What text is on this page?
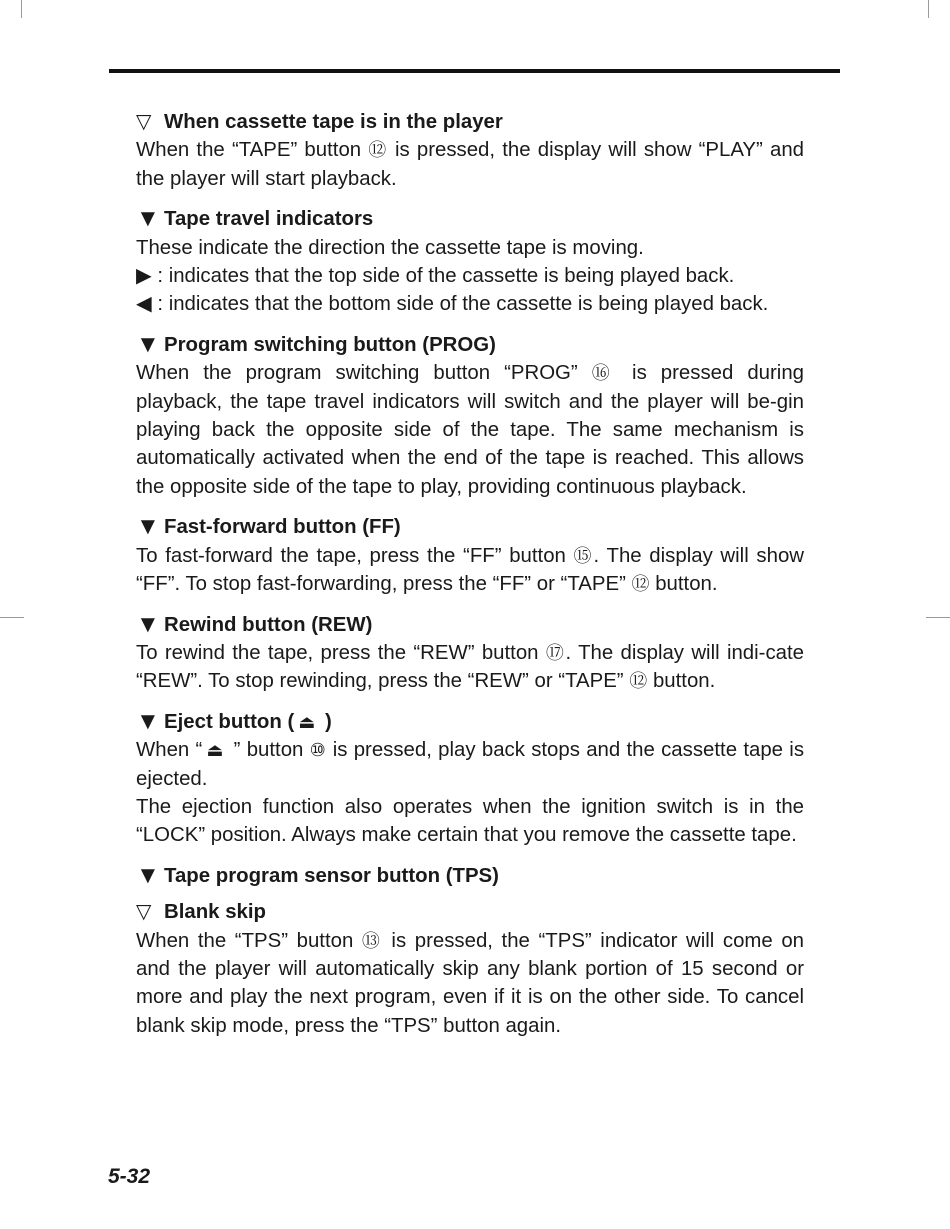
▽ When cassette tape is in the player

When the “TAPE” button ⑫ is pressed, the display will show “PLAY” and the player will start playback.

▼ Tape travel indicators

These indicate the direction the cassette tape is moving.

▶ : indicates that the top side of the cassette is being played back.

◀ : indicates that the bottom side of the cassette is being played back.

▼ Program switching button (PROG)

When the program switching button “PROG” ⑯ is pressed during playback, the tape travel indicators will switch and the player will be-gin playing back the opposite side of the tape. The same mechanism is automatically activated when the end of the tape is reached. This allows the opposite side of the tape to play, providing continuous playback.

▼ Fast-forward button (FF)

To fast-forward the tape, press the “FF” button ⑮. The display will show “FF”. To stop fast-forwarding, press the “FF” or “TAPE” ⑫ button.

▼ Rewind button (REW)

To rewind the tape, press the “REW” button ⑰. The display will indi-cate “REW”. To stop rewinding, press the “REW” or “TAPE” ⑫ button.

▼ Eject button ( ⏏ )

When “ ⏏ ” button ⑩ is pressed, play back stops and the cassette tape is ejected.

The ejection function also operates when the ignition switch is in the “LOCK” position. Always make certain that you remove the cassette tape.

▼ Tape program sensor button (TPS)
▽ Blank skip

When the “TPS” button ⑬ is pressed, the “TPS” indicator will come on and the player will automatically skip any blank portion of 15 second or more and play the next program, even if it is on the other side. To cancel blank skip mode, press the “TPS” button again.

5-32
